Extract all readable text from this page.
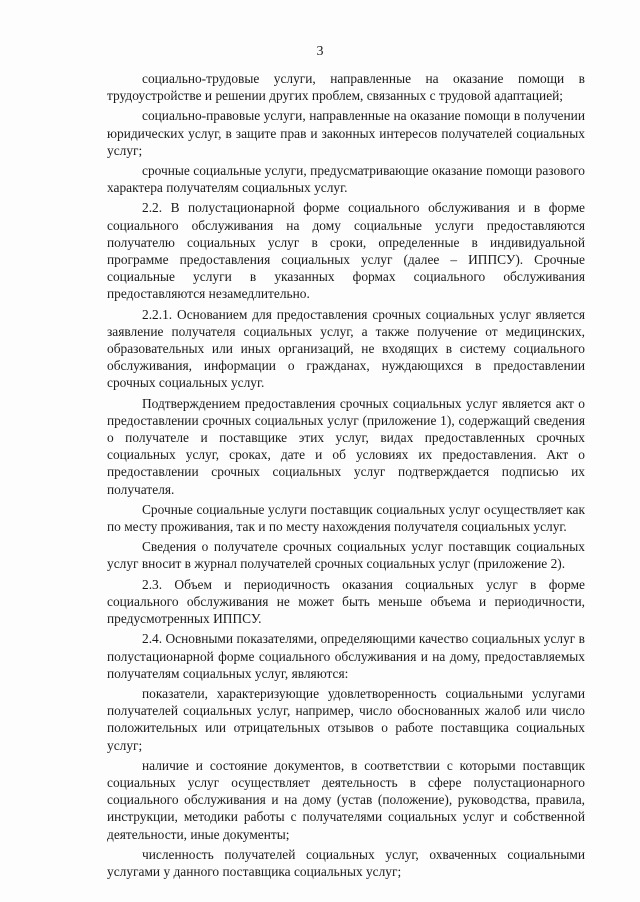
3

социально-трудовые услуги, направленные на оказание помощи в трудоустройстве и решении других проблем, связанных с трудовой адаптацией;

социально-правовые услуги, направленные на оказание помощи в получении юридических услуг, в защите прав и законных интересов получателей социальных услуг;

срочные социальные услуги, предусматривающие оказание помощи разового характера получателям социальных услуг.

2.2. В полустационарной форме социального обслуживания и в форме социального обслуживания на дому социальные услуги предоставляются получателю социальных услуг в сроки, определенные в индивидуальной программе предоставления социальных услуг (далее – ИППСУ). Срочные социальные услуги в указанных формах социального обслуживания предоставляются незамедлительно.

2.2.1. Основанием для предоставления срочных социальных услуг является заявление получателя социальных услуг, а также получение от медицинских, образовательных или иных организаций, не входящих в систему социального обслуживания, информации о гражданах, нуждающихся в предоставлении срочных социальных услуг.

Подтверждением предоставления срочных социальных услуг является акт о предоставлении срочных социальных услуг (приложение 1), содержащий сведения о получателе и поставщике этих услуг, видах предоставленных срочных социальных услуг, сроках, дате и об условиях их предоставления. Акт о предоставлении срочных социальных услуг подтверждается подписью их получателя.

Срочные социальные услуги поставщик социальных услуг осуществляет как по месту проживания, так и по месту нахождения получателя социальных услуг.

Сведения о получателе срочных социальных услуг поставщик социальных услуг вносит в журнал получателей срочных социальных услуг (приложение 2).

2.3. Объем и периодичность оказания социальных услуг в форме социального обслуживания не может быть меньше объема и периодичности, предусмотренных ИППСУ.

2.4. Основными показателями, определяющими качество социальных услуг в полустационарной форме социального обслуживания и на дому, предоставляемых получателям социальных услуг, являются:

показатели, характеризующие удовлетворенность социальными услугами получателей социальных услуг, например, число обоснованных жалоб или число положительных или отрицательных отзывов о работе поставщика социальных услуг;

наличие и состояние документов, в соответствии с которыми поставщик социальных услуг осуществляет деятельность в сфере полустационарного социального обслуживания и на дому (устав (положение), руководства, правила, инструкции, методики работы с получателями социальных услуг и собственной деятельности, иные документы;

численность получателей социальных услуг, охваченных социальными услугами у данного поставщика социальных услуг;
